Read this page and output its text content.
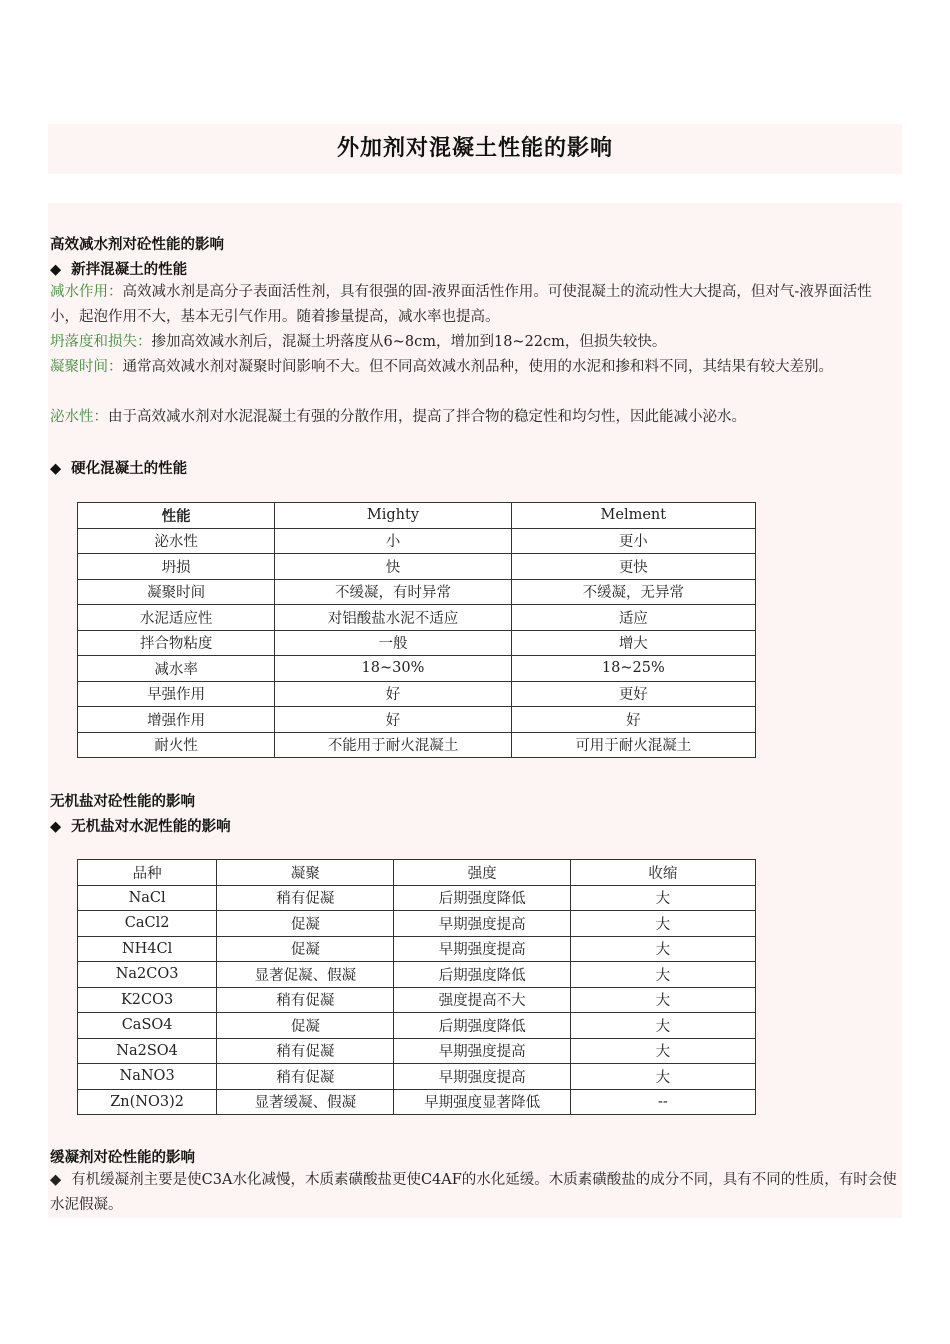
外加剂对混凝土性能的影响
高效减水剂对砼性能的影响
◆ 新拌混凝土的性能
减水作用：高效减水剂是高分子表面活性剂，具有很强的固-液界面活性作用。可使混凝土的流动性大大提高，但对气-液界面活性小，起泡作用不大，基本无引气作用。随着掺量提高，减水率也提高。
坍落度和损失：掺加高效减水剂后，混凝土坍落度从6~8cm，增加到18~22cm，但损失较快。
凝聚时间：通常高效减水剂对凝聚时间影响不大。但不同高效减水剂品种，使用的水泥和掺和料不同，其结果有较大差别。
泌水性：由于高效减水剂对水泥混凝土有强的分散作用，提高了拌合物的稳定性和均匀性，因此能减小泌水。
◆ 硬化混凝土的性能
性能	Mighty	Melment
泌水性	小	更小
坍损	快	更快
凝聚时间	不缓凝，有时异常	不缓凝，无异常
水泥适应性	对铝酸盐水泥不适应	适应
拌合物粘度	一般	增大
减水率	18~30%	18~25%
早强作用	好	更好
增强作用	好	好
耐火性	不能用于耐火混凝土	可用于耐火混凝土
无机盐对砼性能的影响
◆ 无机盐对水泥性能的影响
品种	凝聚	强度	收缩
NaCl	稍有促凝	后期强度降低	大
CaCl2	促凝	早期强度提高	大
NH4Cl	促凝	早期强度提高	大
Na2CO3	显著促凝、假凝	后期强度降低	大
K2CO3	稍有促凝	强度提高不大	大
CaSO4	促凝	后期强度降低	大
Na2SO4	稍有促凝	早期强度提高	大
NaNO3	稍有促凝	早期强度提高	大
Zn(NO3)2	显著缓凝、假凝	早期强度显著降低	--
缓凝剂对砼性能的影响
◆ 有机缓凝剂主要是使C3A水化减慢，木质素磺酸盐更使C4AF的水化延缓。木质素磺酸盐的成分不同，具有不同的性质，有时会使水泥假凝。
